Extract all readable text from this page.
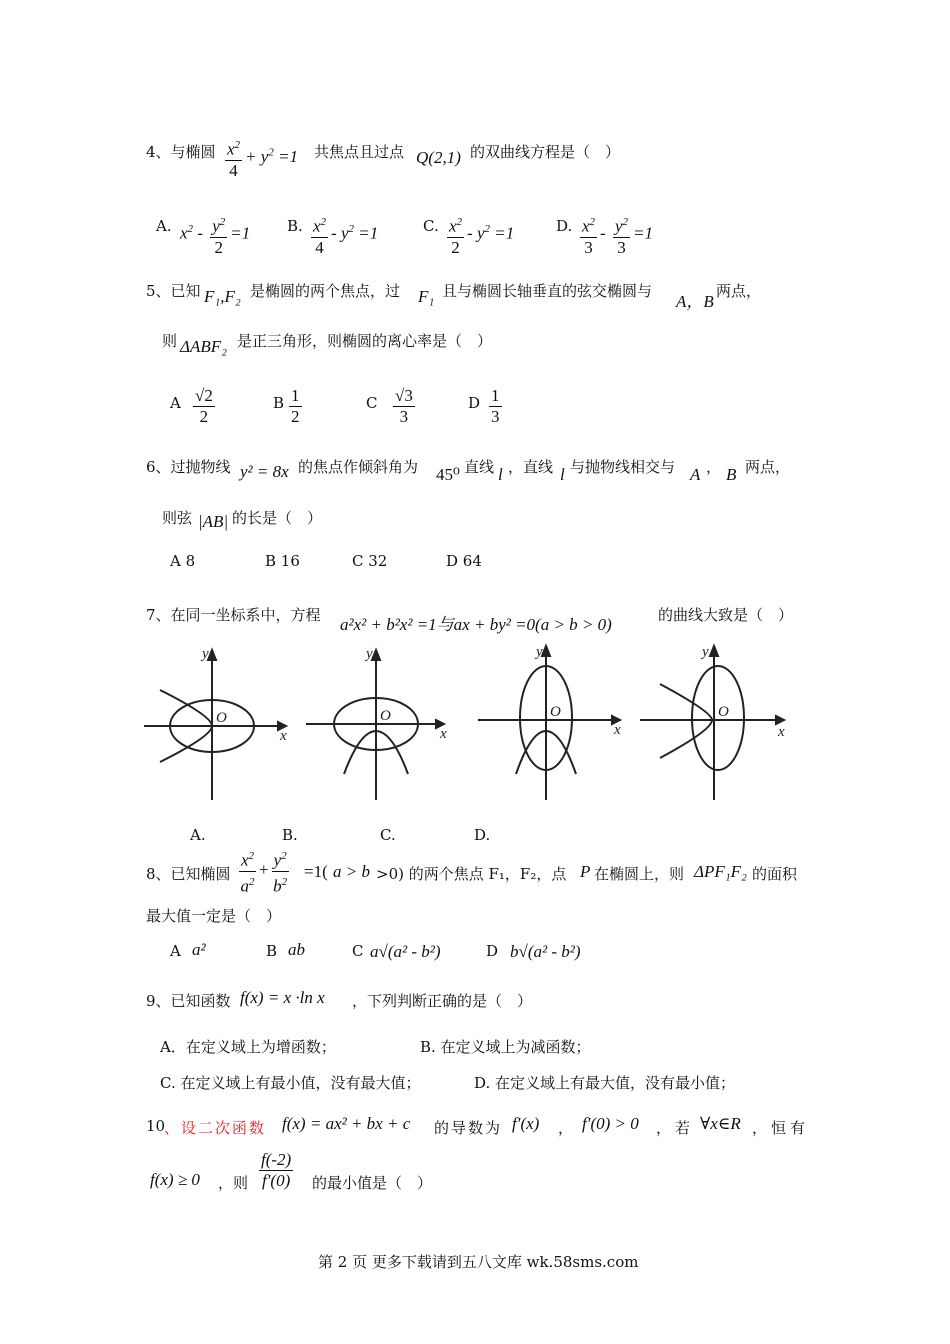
4、与椭圆 $\frac{x^2}{4} + y^2 =1$ 共焦点且过点 Q(2,1) 的双曲线方程是（　）
A. $x^2 - \frac{y^2}{2} =1$ B. $\frac{x^2}{4} - y^2 =1$	C. $\frac{x^2}{2} - y^2 =1$	D. $\frac{x^2}{3} - \frac{y^2}{3} =1$
5、已知 F₁,F₂ 是椭圆的两个焦点，过 F₁ 且与椭圆长轴垂直的弦交椭圆与
A，B
两点，
则 ΔABF₂ 是正三角形，则椭圆的离心率是（　）
A $\frac{√2}{2}$	B $\frac{1}{2}$	C $\frac{√3}{3}$	D $\frac{1}{3}$
6、过抛物线 y² = 8x 的焦点作倾斜角为 45⁰ 直线 l ，直线 l 与抛物线相交与 A ， B 两点，
则弦 |AB| 的长是（　）
A 8	B 16	C 32	D 64
7、在同一坐标系中，方程 a²x² + b²x² =1与ax + by² =0(a > b > 0)	的曲线大致是（　）
y
x
O
y
x
O
y
x
O
y
x
O
A.	B.	C.	D.
8、已知椭圆 $\frac{x^2}{a^2} + \frac{y^2}{b^2} =1$( a > b >0) 的两个焦点 F₁，F₂，点 P 在椭圆上，则 ΔPF₁F₂ 的面积
最大值一定是（　）
A a²	B ab	C a√(a² - b²)	D b√(a² - b²)
9、已知函数 f(x) = x ·ln x ，下列判断正确的是（　）
A．在定义域上为增函数；	B. 在定义域上为减函数；
C. 在定义域上有最小值，没有最大值；	D. 在定义域上有最大值，没有最小值；
10
、设二次函数 f(x) = ax² + bx + c 的导数为 f′(x) ， f′(0) > 0 ，若 ∀x∈R ，恒有
f(x) ≥ 0 ，则 $\frac{f(-2)}{f'(0)}$ 的最小值是（　）
第 2 页 更多下载请到五八文库 wk.58sms.com
